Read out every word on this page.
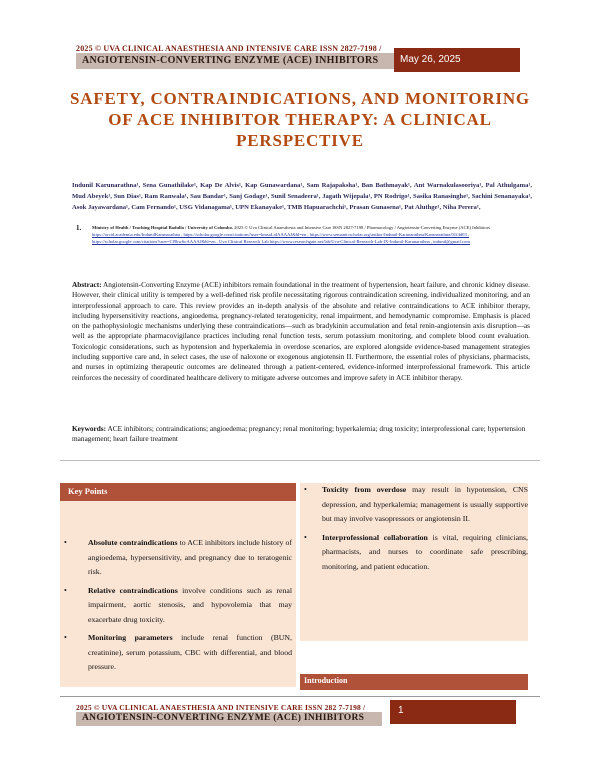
2025 © UVA CLINICAL ANAESTHESIA AND INTENSIVE CARE ISSN 2827-7198 /
ANGIOTENSIN-CONVERTING ENZYME (ACE) INHIBITORS May 26, 2025
SAFETY, CONTRAINDICATIONS, AND MONITORING
OF ACE INHIBITOR THERAPY: A CLINICAL
PERSPECTIVE
Indunil Karunarathna¹, Sena Gunathilake¹, Kap De Alvis¹, Kap Gunawardana¹, Sam Rajapaksha¹, Ban Bathmayak¹, Ant Warnakulasooriya¹, Pal Athulgama¹, Mud Abeyek¹, Sun Dias¹, Ram Ranwala¹, Sau Bandar¹, Sanj Godage¹, Sunil Senadeera¹, Jagath Wijepala¹, PN Rodrigo¹, Sasika Ranasinghe¹, Sachini Senanayaka¹, Asok Jayawardana¹, Cam Fernando¹, USG Vidanagama¹, UPN Ekanayake¹, TMB Hapuarachchi¹, Prasan Gunasena¹, Pat Aluthge¹, Niha Perera¹,
1. Ministry of Health / Teaching Hospital Badulla / University of Colombo. 2025 © Uva Clinical Anaesthesia and Intensive Care ISSN 2827-7198 / Pharmacology / Angiotensin-Converting Enzyme (ACE) Inhibitors
https://orcid.academia.edu/IndunilKarunarathna , https://scholar.google.com/citations?user=kmsaLaIAAAAJ&hl=en , https://www.semanticscholar.org/author/Indunil-Karunarathna/Karunarathna/01f4d03 , https://scholar.google.com/citations?user=Cl9kw6oAAAAJ&hl=en , Uva Clinical Research Lab https://www.researchgate.net/lab/Uva-Clinical-Research-Lab-IX-Indunil-Karunarathna , indunil@gmail.com
Abstract: Angiotensin-Converting Enzyme (ACE) inhibitors remain foundational in the treatment of hypertension, heart failure, and chronic kidney disease. However, their clinical utility is tempered by a well-defined risk profile necessitating rigorous contraindication screening, individualized monitoring, and an interprofessional approach to care. This review provides an in-depth analysis of the absolute and relative contraindications to ACE inhibitor therapy, including hypersensitivity reactions, angioedema, pregnancy-related teratogenicity, renal impairment, and hemodynamic compromise. Emphasis is placed on the pathophysiologic mechanisms underlying these contraindications—such as bradykinin accumulation and fetal renin-angiotensin axis disruption—as well as the appropriate pharmacovigilance practices including renal function tests, serum potassium monitoring, and complete blood count evaluation. Toxicologic considerations, such as hypotension and hyperkalemia in overdose scenarios, are explored alongside evidence-based management strategies including supportive care and, in select cases, the use of naloxone or exogenous angiotensin II. Furthermore, the essential roles of physicians, pharmacists, and nurses in optimizing therapeutic outcomes are delineated through a patient-centered, evidence-informed interprofessional framework. This article reinforces the necessity of coordinated healthcare delivery to mitigate adverse outcomes and improve safety in ACE inhibitor therapy.
Keywords: ACE inhibitors; contraindications; angioedema; pregnancy; renal monitoring; hyperkalemia; drug toxicity; interprofessional care; hypertension management; heart failure treatment
Key Points
•	Absolute contraindications to ACE inhibitors include history of angioedema, hypersensitivity, and pregnancy due to teratogenic risk.
•	Relative contraindications involve conditions such as renal impairment, aortic stenosis, and hypovolemia that may exacerbate drug toxicity.
•	Monitoring parameters include renal function (BUN, creatinine), serum potassium, CBC with differential, and blood pressure.
• Toxicity from overdose may result in hypotension, CNS depression, and hyperkalemia; management is usually supportive but may involve vasopressors or angiotensin II.
• Interprofessional collaboration is vital, requiring clinicians, pharmacists, and nurses to coordinate safe prescribing, monitoring, and patient education.
Introduction
2025 © UVA CLINICAL ANAESTHESIA AND INTENSIVE CARE ISSN 282 7-7198 /
ANGIOTENSIN-CONVERTING ENZYME (ACE) INHIBITORS
1
